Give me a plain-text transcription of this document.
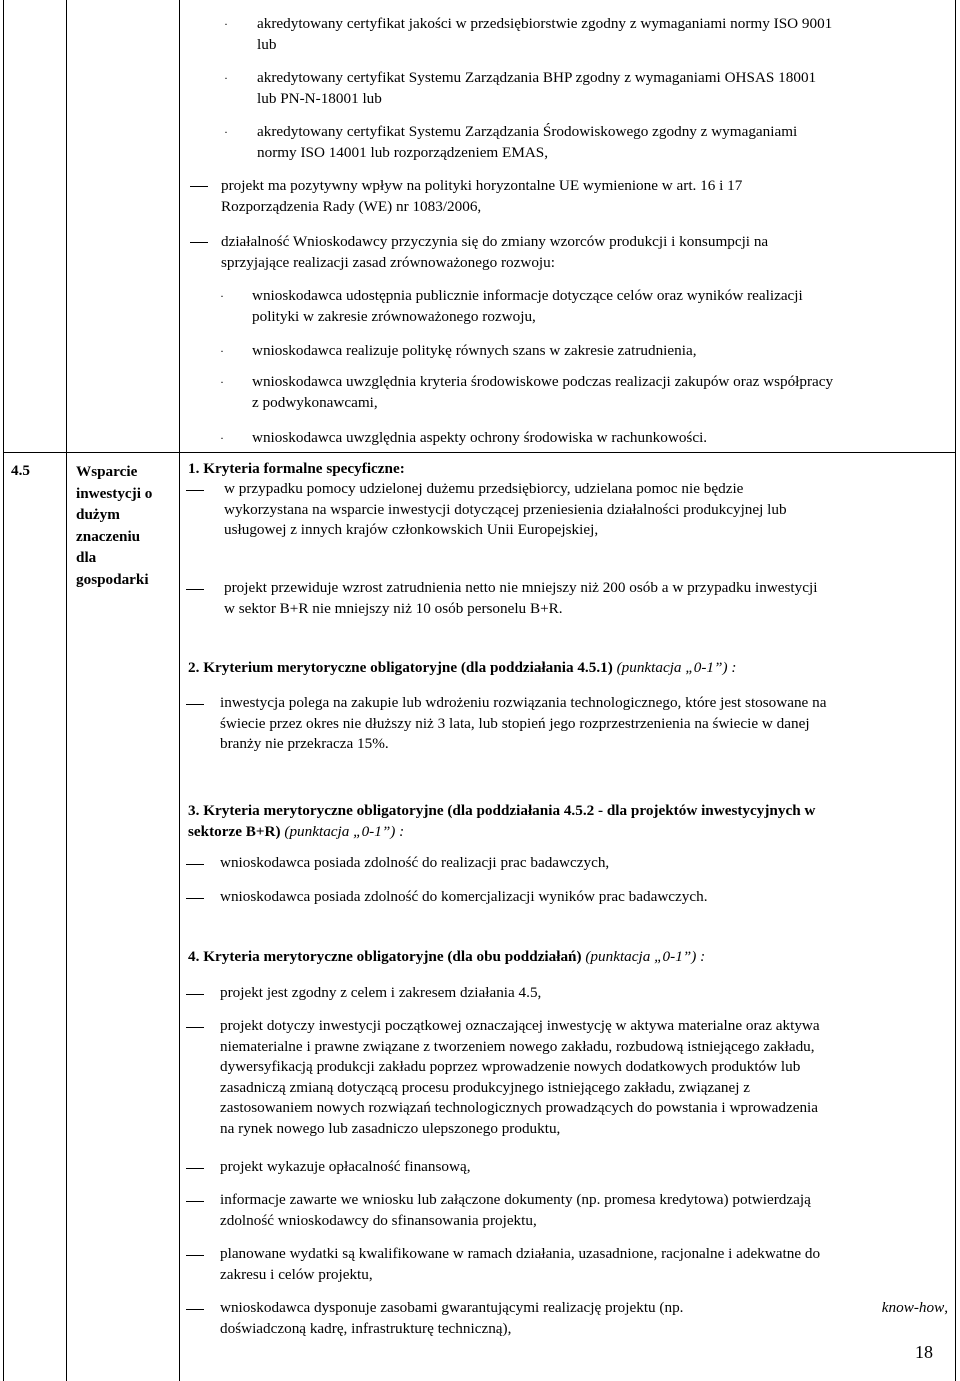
· akredytowany certyfikat jakości w przedsiębiorstwie zgodny z wymaganiami normy ISO 9001
lub
· akredytowany certyfikat Systemu Zarządzania BHP zgodny z wymaganiami OHSAS 18001
lub PN-N-18001 lub
· akredytowany certyfikat Systemu Zarządzania Środowiskowego zgodny z wymaganiami
normy ISO 14001 lub rozporządzeniem EMAS,
projekt ma pozytywny wpływ na polityki horyzontalne UE wymienione w art. 16 i 17
Rozporządzenia Rady (WE) nr 1083/2006,
działalność Wnioskodawcy przyczynia się do zmiany wzorców produkcji i konsumpcji na
sprzyjające realizacji zasad zrównoważonego rozwoju:
· wnioskodawca udostępnia publicznie informacje dotyczące celów oraz wyników realizacji
polityki w zakresie zrównoważonego rozwoju,
· wnioskodawca realizuje politykę równych szans w zakresie zatrudnienia,
· wnioskodawca uwzględnia kryteria środowiskowe podczas realizacji zakupów oraz współpracy
z podwykonawcami,
· wnioskodawca uwzględnia aspekty ochrony środowiska w rachunkowości.
4.5	Wsparcie
inwestycji o
dużym
znaczeniu
dla
gospodarki
1. Kryteria formalne specyficzne:
w przypadku pomocy udzielonej dużemu przedsiębiorcy, udzielana pomoc nie będzie
wykorzystana na wsparcie inwestycji dotyczącej przeniesienia działalności produkcyjnej lub
usługowej z innych krajów członkowskich Unii Europejskiej,
projekt przewiduje wzrost zatrudnienia netto nie mniejszy niż 200 osób a w przypadku inwestycji
w sektor B+R nie mniejszy niż 10 osób personelu B+R.
2. Kryterium merytoryczne obligatoryjne (dla poddziałania 4.5.1) (punktacja „0-1”) :
inwestycja polega na zakupie lub wdrożeniu rozwiązania technologicznego, które jest stosowane na
świecie przez okres nie dłuższy niż 3 lata, lub stopień jego rozprzestrzenienia na świecie w danej
branży nie przekracza 15%.
3. Kryteria merytoryczne obligatoryjne (dla poddziałania 4.5.2 - dla projektów inwestycyjnych w
sektorze B+R) (punktacja „0-1”) :
wnioskodawca posiada zdolność do realizacji prac badawczych,
wnioskodawca posiada zdolność do komercjalizacji wyników prac badawczych.
4. Kryteria merytoryczne obligatoryjne (dla obu poddziałań) (punktacja „0-1”) :
projekt jest zgodny z celem i zakresem działania 4.5,
projekt dotyczy inwestycji początkowej oznaczającej inwestycję w aktywa materialne oraz aktywa
niematerialne i prawne związane z tworzeniem nowego zakładu, rozbudową istniejącego zakładu,
dywersyfikacją produkcji zakładu poprzez wprowadzenie nowych dodatkowych produktów lub
zasadniczą zmianą dotyczącą procesu produkcyjnego istniejącego zakładu, związanej z
zastosowaniem nowych rozwiązań technologicznych prowadzących do powstania i wprowadzenia
na rynek nowego lub zasadniczo ulepszonego produktu,
projekt wykazuje opłacalność finansową,
informacje zawarte we wniosku lub załączone dokumenty (np. promesa kredytowa) potwierdzają
zdolność wnioskodawcy do sfinansowania projektu,
planowane wydatki są kwalifikowane w ramach działania, uzasadnione, racjonalne i adekwatne do
zakresu i celów projektu,
wnioskodawca dysponuje zasobami gwarantującymi realizację projektu (np.	know-how,
doświadczoną kadrę, infrastrukturę techniczną),
18
